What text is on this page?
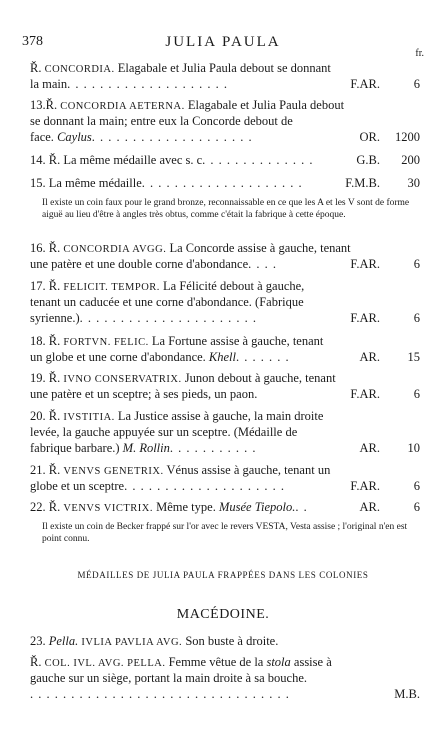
378	JULIA PAULA
fr.
Ř. CONCORDIA. Elagabale et Julia Paula debout se donnant
la main. . . . . . . . . . . . . . . . . . . .	F.AR.	6
13.Ř. CONCORDIA AETERNA. Elagabale et Julia Paula debout
se donnant la main; entre eux la Concorde debout de
face. Caylus. . . . . . . . . . . . . . . . . . . .	OR. 1200
14. Ř. La même médaille avec s. c. . . . . . . . . . . . . .	G.B. 200
15. La même médaille. . . . . . . . . . . . . . . . . . . .	F.M.B. 30
Il existe un coin faux pour le grand bronze, reconnaissable en ce que les A et les V sont de forme aiguë au lieu d'être à angles très obtus, comme c'était la fabrique à cette époque.
16. Ř. CONCORDIA AVGG. La Concorde assise à gauche, tenant
une patère et une double corne d'abondance. . . .	F.AR.	6
17. Ř. FELICIT. TEMPOR. La Félicité debout à gauche,
tenant un caducée et une corne d'abondance. (Fabrique
syrienne.). . . . . . . . . . . . . . . . . . . . . .	F.AR.	6
18. Ř. FORTVN. FELIC. La Fortune assise à gauche, tenant
un globe et une corne d'abondance. Khell. . . . . . .	AR. 15
19. Ř. IVNO CONSERVATRIX. Junon debout à gauche, tenant
une patère et un sceptre; à ses pieds, un paon.	F.AR.	6
20. Ř. IVSTITIA. La Justice assise à gauche, la main droite
levée, la gauche appuyée sur un sceptre. (Médaille de
fabrique barbare.) M. Rollin. . . . . . . . . . .	AR. 10
21. Ř. VENVS GENETRIX. Vénus assise à gauche, tenant un
globe et un sceptre. . . . . . . . . . . . . . . . . . . .	F.AR.	6
22. Ř. VENVS VICTRIX. Même type. Musée Tiepolo.. .	AR.	6
Il existe un coin de Becker frappé sur l'or avec le revers VESTA, Vesta assise ; l'original n'en est point connu.
MÉDAILLES DE JULIA PAULA FRAPPÉES DANS LES COLONIES
MACÉDOINE.
23. Pella. IVLIA PAVLIA AVG. Son buste à droite.
Ř. COL. IVL. AVG. PELLA. Femme vêtue de la stola assise à
gauche sur un siège, portant la main droite à sa bouche.
. . . . . . . . . . . . . . . . . . . . . . . . . . . . . . . .	M.B.
